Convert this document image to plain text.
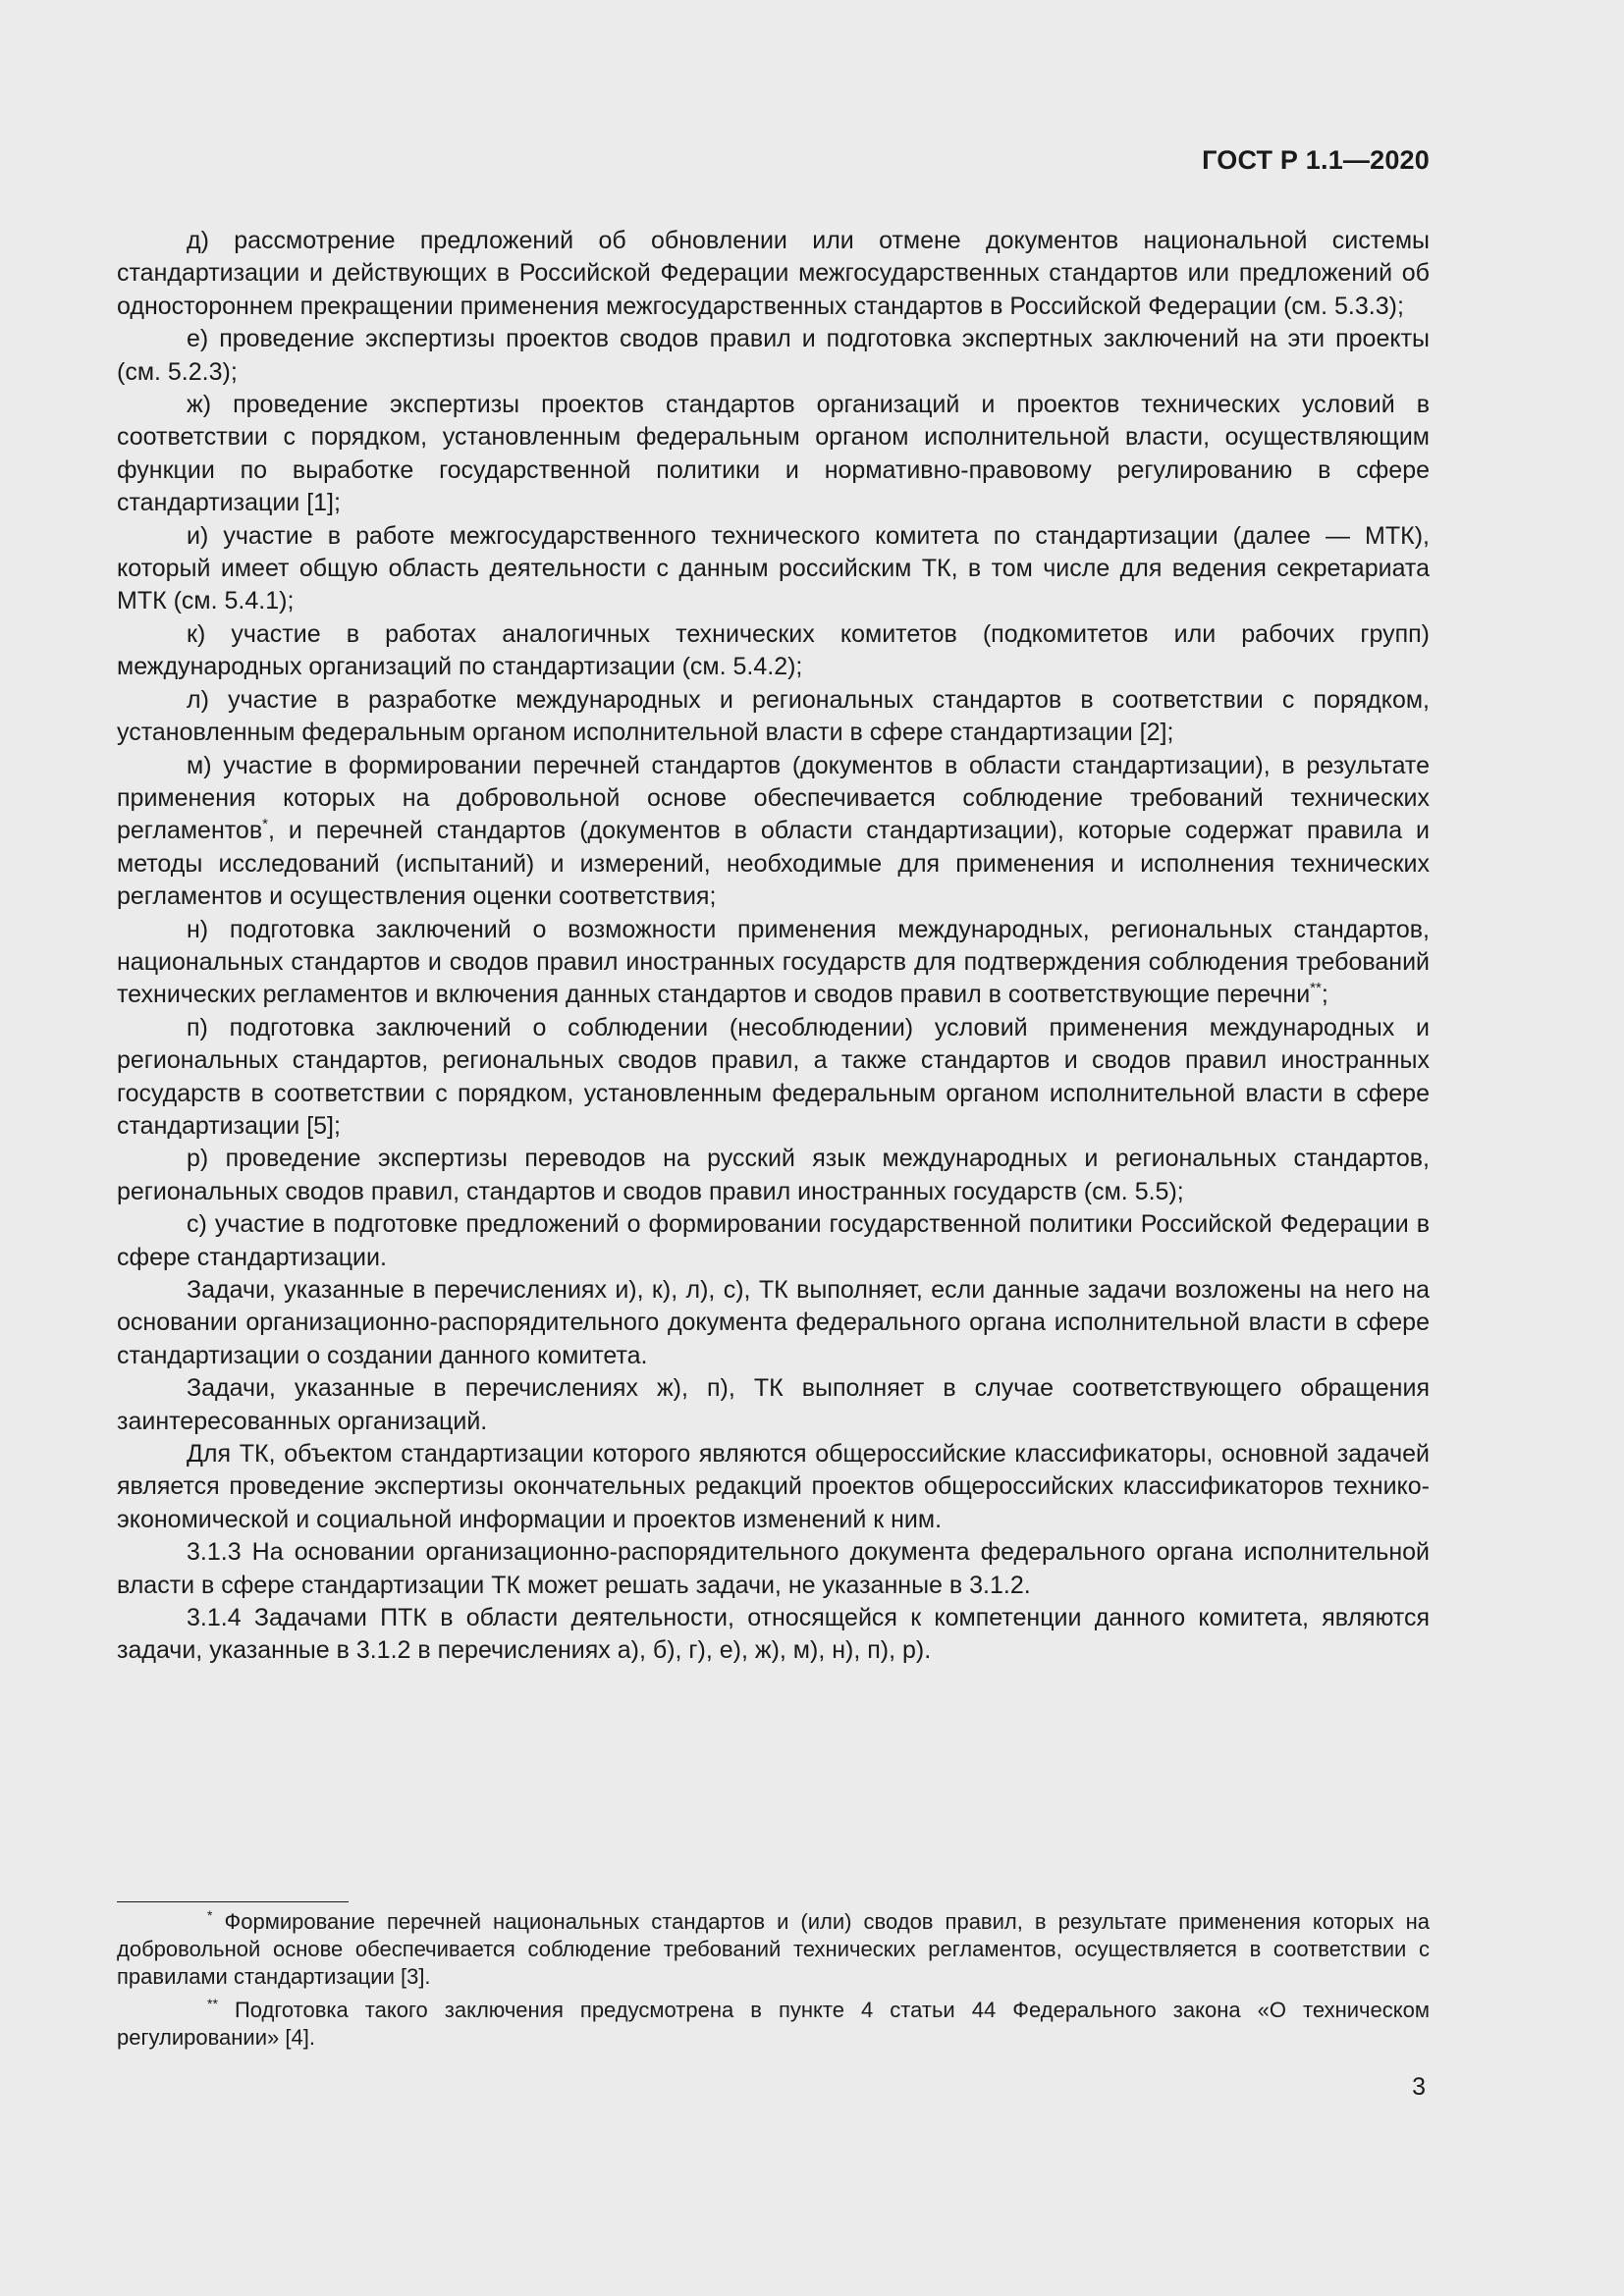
ГОСТ Р 1.1—2020

д) рассмотрение предложений об обновлении или отмене документов национальной системы стандартизации и действующих в Российской Федерации межгосударственных стандартов или предложений об одностороннем прекращении применения межгосударственных стандартов в Российской Федерации (см. 5.3.3);

е) проведение экспертизы проектов сводов правил и подготовка экспертных заключений на эти проекты (см. 5.2.3);

ж) проведение экспертизы проектов стандартов организаций и проектов технических условий в соответствии с порядком, установленным федеральным органом исполнительной власти, осуществляющим функции по выработке государственной политики и нормативно-правовому регулированию в сфере стандартизации [1];

и) участие в работе межгосударственного технического комитета по стандартизации (далее — МТК), который имеет общую область деятельности с данным российским ТК, в том числе для ведения секретариата МТК (см. 5.4.1);

к) участие в работах аналогичных технических комитетов (подкомитетов или рабочих групп) международных организаций по стандартизации (см. 5.4.2);

л) участие в разработке международных и региональных стандартов в соответствии с порядком, установленным федеральным органом исполнительной власти в сфере стандартизации [2];

м) участие в формировании перечней стандартов (документов в области стандартизации), в результате применения которых на добровольной основе обеспечивается соблюдение требований технических регламентов*, и перечней стандартов (документов в области стандартизации), которые содержат правила и методы исследований (испытаний) и измерений, необходимые для применения и исполнения технических регламентов и осуществления оценки соответствия;

н) подготовка заключений о возможности применения международных, региональных стандартов, национальных стандартов и сводов правил иностранных государств для подтверждения соблюдения требований технических регламентов и включения данных стандартов и сводов правил в соответствующие перечни**;

п) подготовка заключений о соблюдении (несоблюдении) условий применения международных и региональных стандартов, региональных сводов правил, а также стандартов и сводов правил иностранных государств в соответствии с порядком, установленным федеральным органом исполнительной власти в сфере стандартизации [5];

р) проведение экспертизы переводов на русский язык международных и региональных стандартов, региональных сводов правил, стандартов и сводов правил иностранных государств (см. 5.5);

с) участие в подготовке предложений о формировании государственной политики Российской Федерации в сфере стандартизации.

Задачи, указанные в перечислениях и), к), л), с), ТК выполняет, если данные задачи возложены на него на основании организационно-распорядительного документа федерального органа исполнительной власти в сфере стандартизации о создании данного комитета.

Задачи, указанные в перечислениях ж), п), ТК выполняет в случае соответствующего обращения заинтересованных организаций.

Для ТК, объектом стандартизации которого являются общероссийские классификаторы, основной задачей является проведение экспертизы окончательных редакций проектов общероссийских классификаторов технико-экономической и социальной информации и проектов изменений к ним.

3.1.3 На основании организационно-распорядительного документа федерального органа исполнительной власти в сфере стандартизации ТК может решать задачи, не указанные в 3.1.2.

3.1.4 Задачами ПТК в области деятельности, относящейся к компетенции данного комитета, являются задачи, указанные в 3.1.2 в перечислениях а), б), г), е), ж), м), н), п), р).

* Формирование перечней национальных стандартов и (или) сводов правил, в результате применения которых на добровольной основе обеспечивается соблюдение требований технических регламентов, осуществляется в соответствии с правилами стандартизации [3].

** Подготовка такого заключения предусмотрена в пункте 4 статьи 44 Федерального закона «О техническом регулировании» [4].

3
